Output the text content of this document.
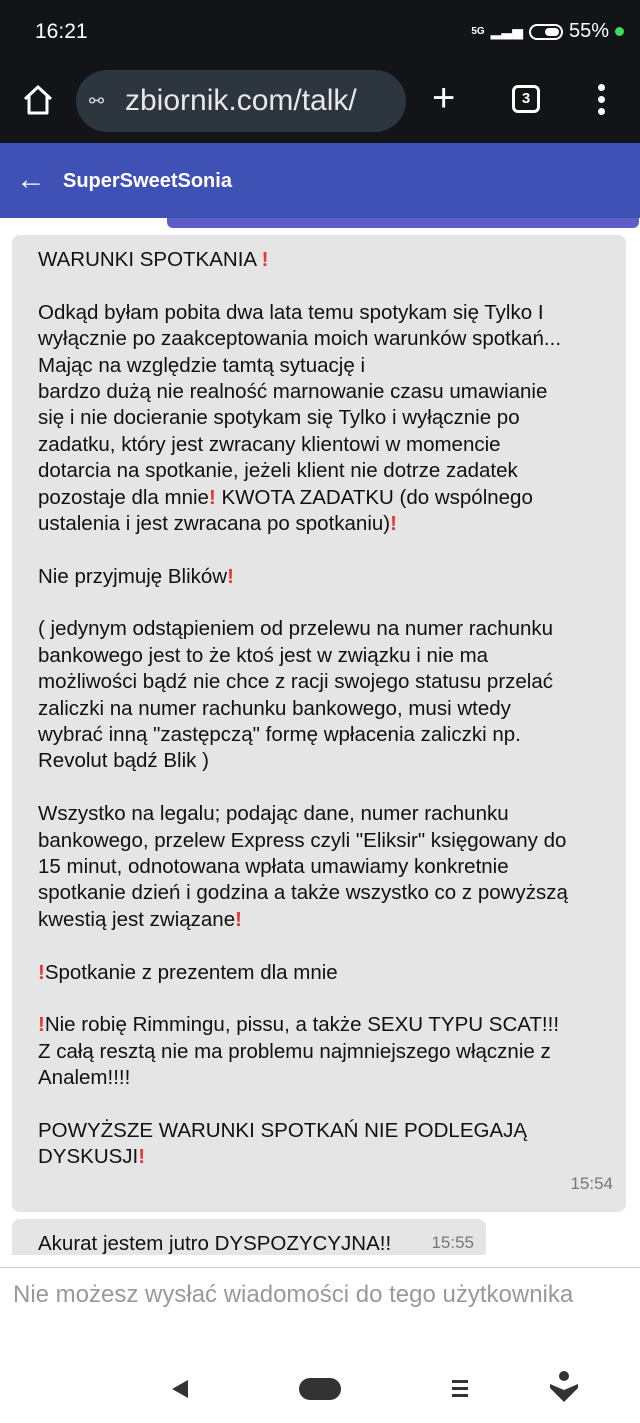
16:21	5G ▂▃▅ 55%
⚯ zbiornik.com/talk/ +	3
← SuperSweetSonia
15:54
WARUNKI SPOTKANIA !
Odkąd byłam pobita dwa lata temu spotykam się Tylko I
wyłącznie po zaakceptowania moich warunków spotkań...
Mając na względzie tamtą sytuację i
bardzo dużą nie realność marnowanie czasu umawianie
się i nie docieranie spotykam się Tylko i wyłącznie po
zadatku, który jest zwracany klientowi w momencie
dotarcia na spotkanie, jeżeli klient nie dotrze zadatek
pozostaje dla mnie! KWOTA ZADATKU (do wspólnego
ustalenia i jest zwracana po spotkaniu)!
Nie przyjmuję Blików!
( jedynym odstąpieniem od przelewu na numer rachunku
bankowego jest to że ktoś jest w związku i nie ma
możliwości bądź nie chce z racji swojego statusu przelać
zaliczki na numer rachunku bankowego, musi wtedy
wybrać inną "zastępczą" formę wpłacenia zaliczki np.
Revolut bądź Blik )
Wszystko na legalu; podając dane, numer rachunku
bankowego, przelew Express czyli "Eliksir" księgowany do
15 minut, odnotowana wpłata umawiamy konkretnie
spotkanie dzień i godzina a także wszystko co z powyższą
kwestią jest związane!
!Spotkanie z prezentem dla mnie
!Nie robię Rimmingu, pissu, a także SEXU TYPU SCAT!!!
Z całą resztą nie ma problemu najmniejszego włącznie z
Analem!!!!
POWYŻSZE WARUNKI SPOTKAŃ NIE PODLEGAJĄ
DYSKUSJI!
Akurat jestem jutro DYSPOZYCYJNA!! 15:55
Nie możesz wysłać wiadomości do tego użytkownika
